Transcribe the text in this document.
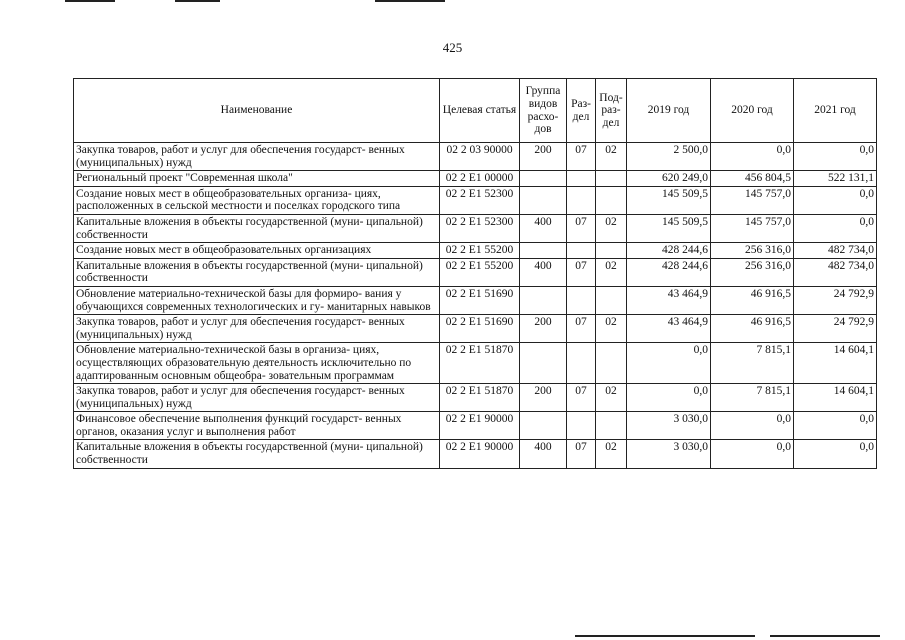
425
Наименование	Целевая статья	Группа видов расхо- дов	Раз- дел	Под- раз- дел	2019 год	2020 год	2021 год
Закупка товаров, работ и услуг для обеспечения государст- венных (муниципальных) нужд	02 2 03 90000	200	07	02	2 500,0	0,0	0,0
Региональный проект "Современная школа"	02 2 E1 00000				620 249,0	456 804,5	522 131,1
Создание новых мест в общеобразовательных организа- циях, расположенных в сельской местности и поселках городского типа	02 2 E1 52300				145 509,5	145 757,0	0,0
Капитальные вложения в объекты государственной (муни- ципальной) собственности	02 2 E1 52300	400	07	02	145 509,5	145 757,0	0,0
Создание новых мест в общеобразовательных организациях	02 2 E1 55200				428 244,6	256 316,0	482 734,0
Капитальные вложения в объекты государственной (муни- ципальной) собственности	02 2 E1 55200	400	07	02	428 244,6	256 316,0	482 734,0
Обновление материально-технической базы для формиро- вания у обучающихся современных технологических и гу- манитарных навыков	02 2 E1 51690				43 464,9	46 916,5	24 792,9
Закупка товаров, работ и услуг для обеспечения государст- венных (муниципальных) нужд	02 2 E1 51690	200	07	02	43 464,9	46 916,5	24 792,9
Обновление материально-технической базы в организа- циях, осуществляющих образовательную деятельность исключительно по адаптированным основным общеобра- зовательным программам	02 2 E1 51870				0,0	7 815,1	14 604,1
Закупка товаров, работ и услуг для обеспечения государст- венных (муниципальных) нужд	02 2 E1 51870	200	07	02	0,0	7 815,1	14 604,1
Финансовое обеспечение выполнения функций государст- венных органов, оказания услуг и выполнения работ	02 2 E1 90000				3 030,0	0,0	0,0
Капитальные вложения в объекты государственной (муни- ципальной) собственности	02 2 E1 90000	400	07	02	3 030,0	0,0	0,0
